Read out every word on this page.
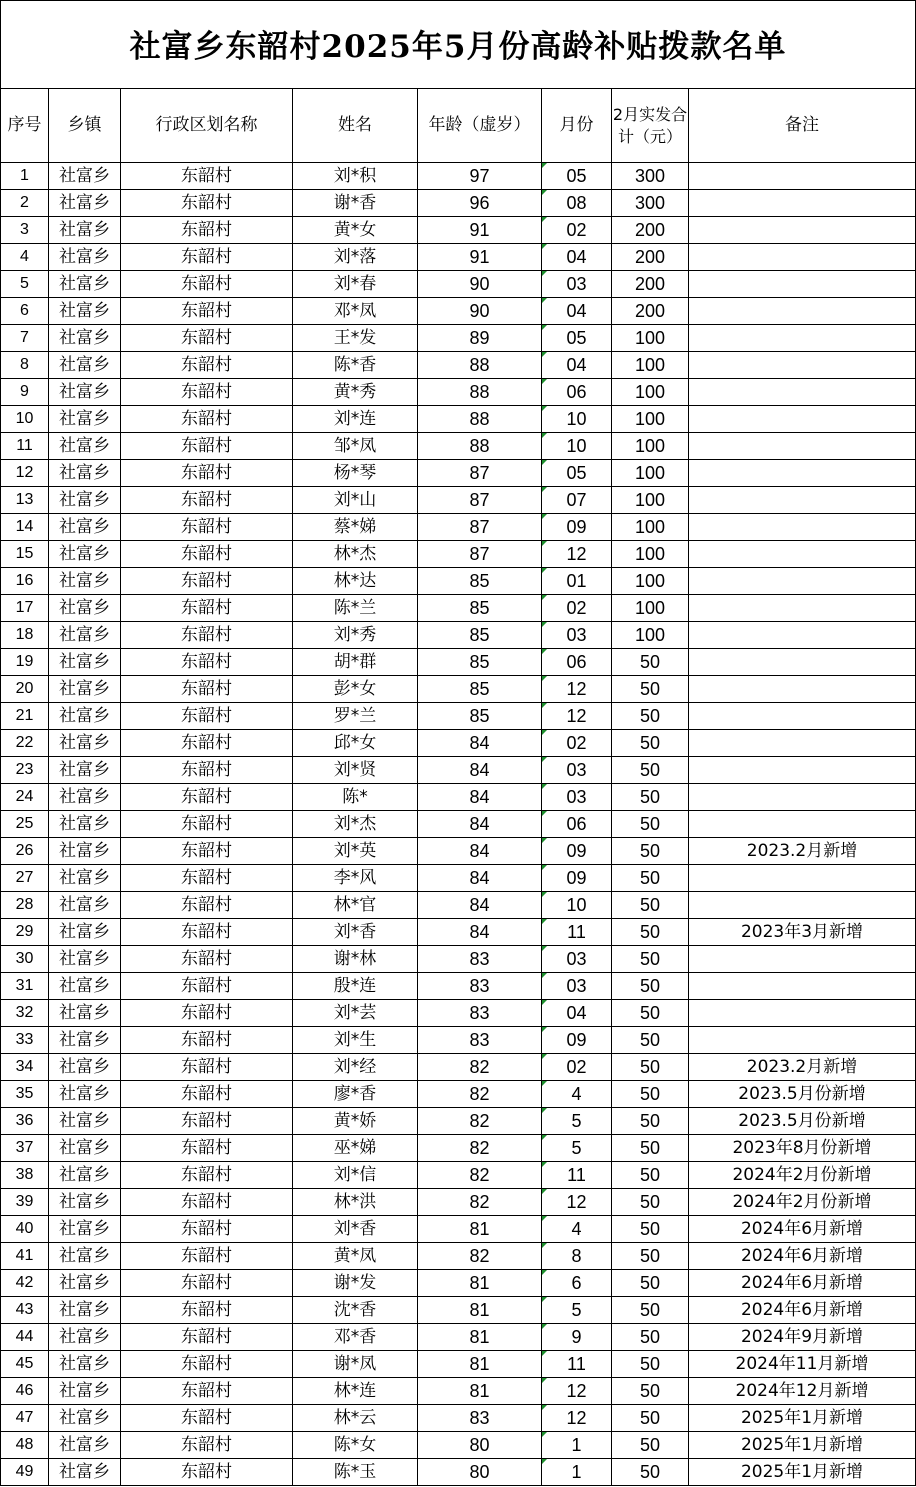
社富乡东韶村2025年5月份高龄补贴拨款名单
序号	乡镇	行政区划名称	姓名	年龄（虚岁）	月份	2月实发合计（元）	备注
1	社富乡	东韶村	刘*积	97	05	300	
2	社富乡	东韶村	谢*香	96	08	300	
3	社富乡	东韶村	黄*女	91	02	200	
4	社富乡	东韶村	刘*落	91	04	200	
5	社富乡	东韶村	刘*春	90	03	200	
6	社富乡	东韶村	邓*凤	90	04	200	
7	社富乡	东韶村	王*发	89	05	100	
8	社富乡	东韶村	陈*香	88	04	100	
9	社富乡	东韶村	黄*秀	88	06	100	
10	社富乡	东韶村	刘*连	88	10	100	
11	社富乡	东韶村	邹*凤	88	10	100	
12	社富乡	东韶村	杨*琴	87	05	100	
13	社富乡	东韶村	刘*山	87	07	100	
14	社富乡	东韶村	蔡*娣	87	09	100	
15	社富乡	东韶村	林*杰	87	12	100	
16	社富乡	东韶村	林*达	85	01	100	
17	社富乡	东韶村	陈*兰	85	02	100	
18	社富乡	东韶村	刘*秀	85	03	100	
19	社富乡	东韶村	胡*群	85	06	50	
20	社富乡	东韶村	彭*女	85	12	50	
21	社富乡	东韶村	罗*兰	85	12	50	
22	社富乡	东韶村	邱*女	84	02	50	
23	社富乡	东韶村	刘*贤	84	03	50	
24	社富乡	东韶村	陈*	84	03	50	
25	社富乡	东韶村	刘*杰	84	06	50	
26	社富乡	东韶村	刘*英	84	09	50	2023.2月新增
27	社富乡	东韶村	李*风	84	09	50	
28	社富乡	东韶村	林*官	84	10	50	
29	社富乡	东韶村	刘*香	84	11	50	2023年3月新增
30	社富乡	东韶村	谢*林	83	03	50	
31	社富乡	东韶村	殷*连	83	03	50	
32	社富乡	东韶村	刘*芸	83	04	50	
33	社富乡	东韶村	刘*生	83	09	50	
34	社富乡	东韶村	刘*经	82	02	50	2023.2月新增
35	社富乡	东韶村	廖*香	82	4	50	2023.5月份新增
36	社富乡	东韶村	黄*娇	82	5	50	2023.5月份新增
37	社富乡	东韶村	巫*娣	82	5	50	2023年8月份新增
38	社富乡	东韶村	刘*信	82	11	50	2024年2月份新增
39	社富乡	东韶村	林*洪	82	12	50	2024年2月份新增
40	社富乡	东韶村	刘*香	81	4	50	2024年6月新增
41	社富乡	东韶村	黄*凤	82	8	50	2024年6月新增
42	社富乡	东韶村	谢*发	81	6	50	2024年6月新增
43	社富乡	东韶村	沈*香	81	5	50	2024年6月新增
44	社富乡	东韶村	邓*香	81	9	50	2024年9月新增
45	社富乡	东韶村	谢*凤	81	11	50	2024年11月新增
46	社富乡	东韶村	林*连	81	12	50	2024年12月新增
47	社富乡	东韶村	林*云	83	12	50	2025年1月新增
48	社富乡	东韶村	陈*女	80	1	50	2025年1月新增
49	社富乡	东韶村	陈*玉	80	1	50	2025年1月新增
